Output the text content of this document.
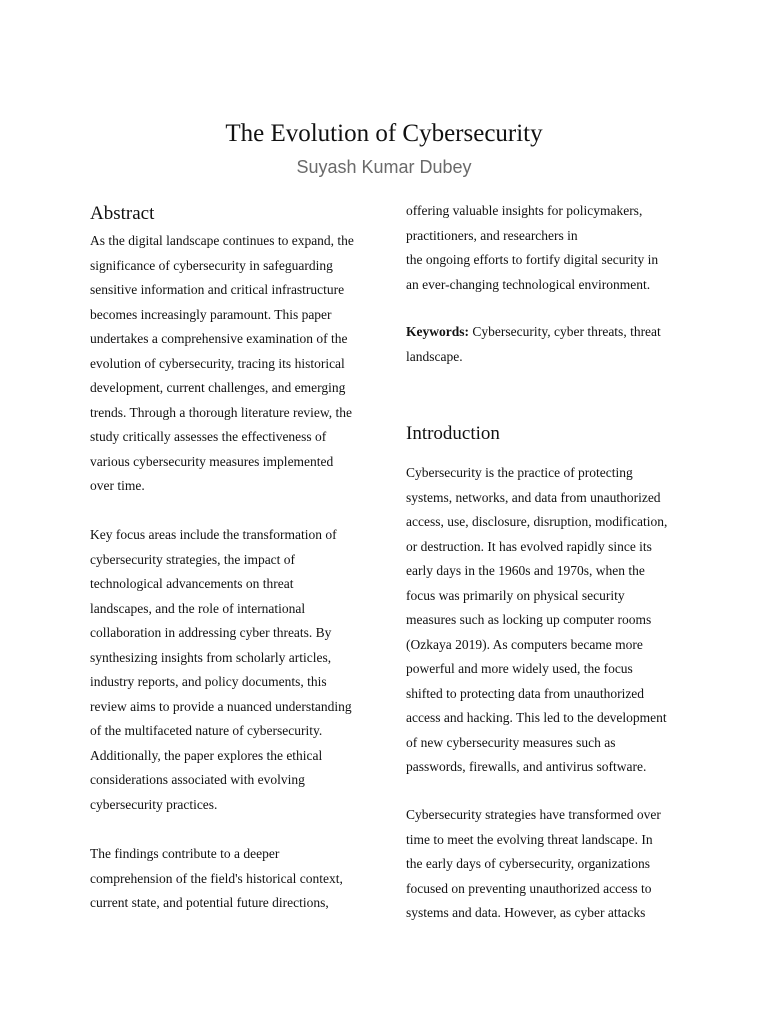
The Evolution of Cybersecurity
Suyash Kumar Dubey
Abstract
As the digital landscape continues to expand, the
significance of cybersecurity in safeguarding
sensitive information and critical infrastructure
becomes increasingly paramount. This paper
undertakes a comprehensive examination of the
evolution of cybersecurity, tracing its historical
development, current challenges, and emerging
trends. Through a thorough literature review, the
study critically assesses the effectiveness of
various cybersecurity measures implemented
over time.
Key focus areas include the transformation of
cybersecurity strategies, the impact of
technological advancements on threat
landscapes, and the role of international
collaboration in addressing cyber threats. By
synthesizing insights from scholarly articles,
industry reports, and policy documents, this
review aims to provide a nuanced understanding
of the multifaceted nature of cybersecurity.
Additionally, the paper explores the ethical
considerations associated with evolving
cybersecurity practices.
The findings contribute to a deeper
comprehension of the field's historical context,
current state, and potential future directions,
offering valuable insights for policymakers,
practitioners, and researchers in
the ongoing efforts to fortify digital security in
an ever-changing technological environment.
Keywords: Cybersecurity, cyber threats, threat
landscape.
Introduction
Cybersecurity is the practice of protecting
systems, networks, and data from unauthorized
access, use, disclosure, disruption, modification,
or destruction. It has evolved rapidly since its
early days in the 1960s and 1970s, when the
focus was primarily on physical security
measures such as locking up computer rooms
(Ozkaya 2019). As computers became more
powerful and more widely used, the focus
shifted to protecting data from unauthorized
access and hacking. This led to the development
of new cybersecurity measures such as
passwords, firewalls, and antivirus software.
Cybersecurity strategies have transformed over
time to meet the evolving threat landscape. In
the early days of cybersecurity, organizations
focused on preventing unauthorized access to
systems and data. However, as cyber attacks
